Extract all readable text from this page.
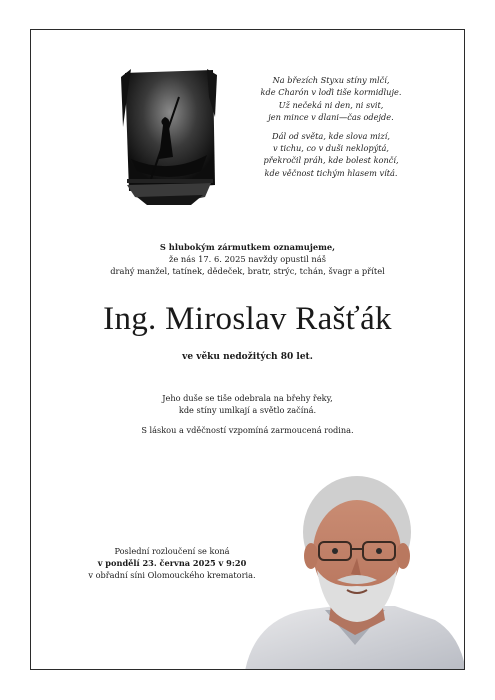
Na březích Styxu stíny mlčí,

kde Charón v loďi tiše kormidluje.

Už nečeká ni den, ni svit,

jen mince v dlani—čas odejde.

Dál od světa, kde slova mizí,

v tichu, co v duši neklopýtá,

překročil práh, kde bolest končí,

kde věčnost tichým hlasem vítá.

S hlubokým zármutkem oznamujeme,
že nás 17. 6. 2025 navždy opustil náš
drahý manžel, tatínek, dědeček, bratr, strýc, tchán, švagr a přítel
Ing. Miroslav Rašťák
ve věku nedožitých 80 let.
Jeho duše se tiše odebrala na břehy řeky,
kde stíny umlkají a světlo začíná.
S láskou a vděčností vzpomíná zarmoucená rodina.
Poslední rozloučení se koná
v pondělí 23. června 2025 v 9:20
v obřadní síni Olomouckého krematoria.
